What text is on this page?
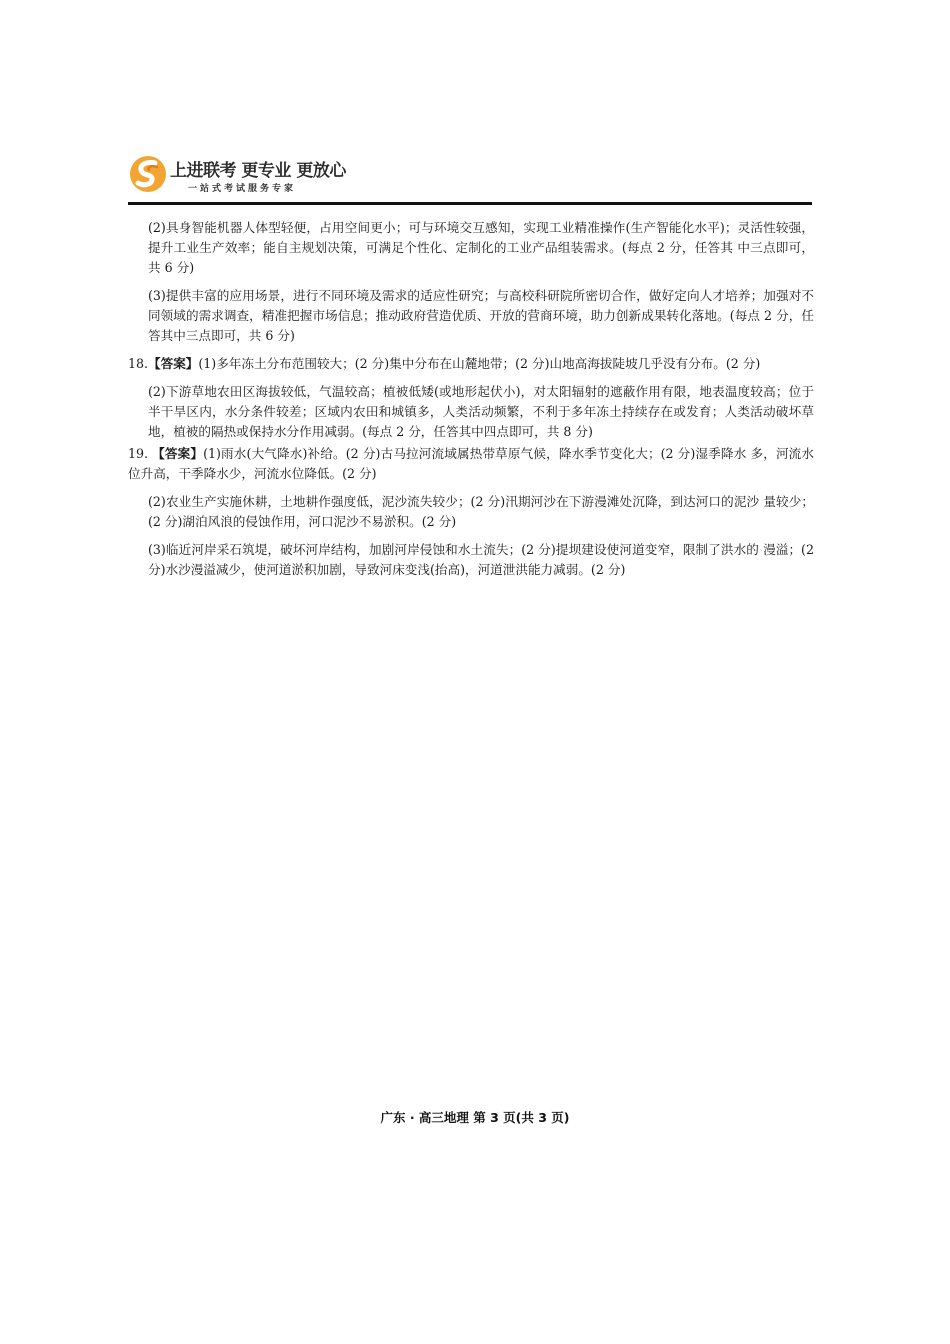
上进联考 更专业 更放心
一站式考试服务专家

(2)具身智能机器人体型轻便，占用空间更小；可与环境交互感知，实现工业精准操作(生产智能化水平)；灵活性较强，提升工业生产效率；能自主规划决策，可满足个性化、定制化的工业产品组装需求。(每点 2 分，任答其 中三点即可，共 6 分)

(3)提供丰富的应用场景，进行不同环境及需求的适应性研究；与高校科研院所密切合作，做好定向人才培养；加强对不同领域的需求调查，精准把握市场信息；推动政府营造优质、开放的营商环境，助力创新成果转化落地。(每点 2 分，任答其中三点即可，共 6 分)

18.【答案】(1)多年冻土分布范围较大；(2 分)集中分布在山麓地带；(2 分)山地高海拔陡坡几乎没有分布。(2 分)

(2)下游草地农田区海拔较低，气温较高；植被低矮(或地形起伏小)，对太阳辐射的遮蔽作用有限，地表温度较高；位于半干旱区内，水分条件较差；区域内农田和城镇多，人类活动频繁，不利于多年冻土持续存在或发育；人类活动破坏草地，植被的隔热或保持水分作用减弱。(每点 2 分，任答其中四点即可，共 8 分)

19. 【答案】(1)雨水(大气降水)补给。(2 分)古马拉河流域属热带草原气候，降水季节变化大；(2 分)湿季降水 多，河流水位升高，干季降水少，河流水位降低。(2 分)

(2)农业生产实施休耕，土地耕作强度低，泥沙流失较少；(2 分)汛期河沙在下游漫滩处沉降，到达河口的泥沙 量较少；(2 分)湖泊风浪的侵蚀作用，河口泥沙不易淤积。(2 分)

(3)临近河岸采石筑堤，破坏河岸结构，加剧河岸侵蚀和水土流失；(2 分)提坝建设使河道变窄，限制了洪水的 漫溢；(2 分)水沙漫溢减少，使河道淤积加剧，导致河床变浅(抬高)，河道泄洪能力减弱。(2 分)

广东 · 高三地理 第 3 页(共 3 页)
